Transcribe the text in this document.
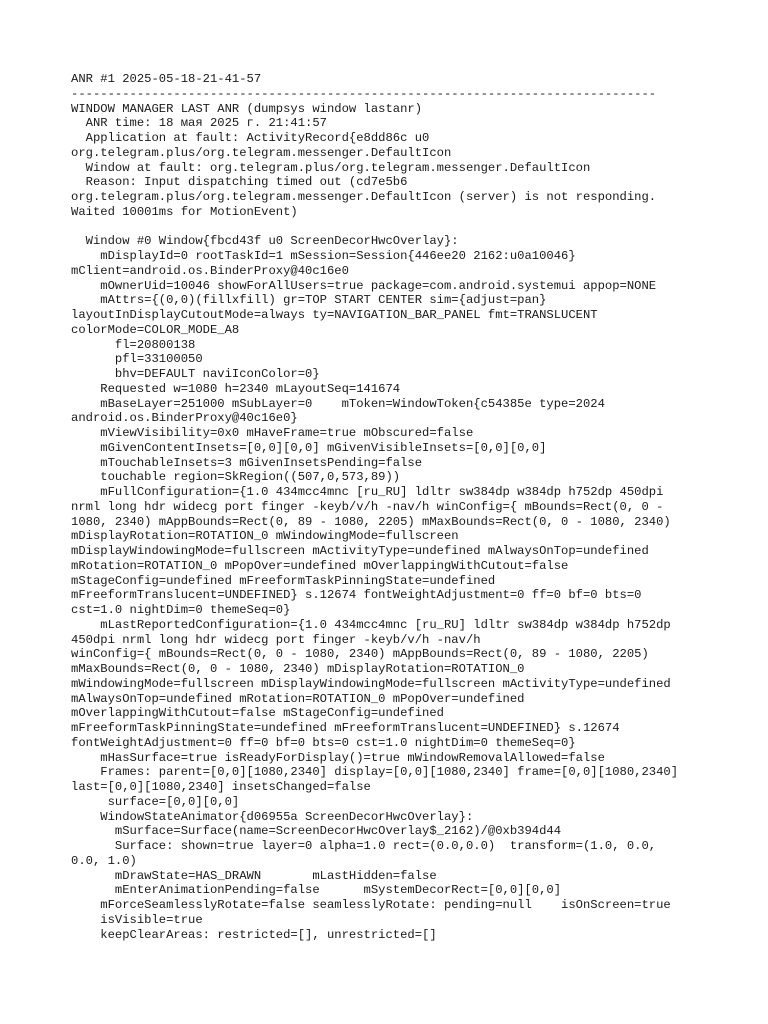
ANR #1 2025-05-18-21-41-57
--------------------------------------------------------------------------------
WINDOW MANAGER LAST ANR (dumpsys window lastanr)
ANR time: 18 мая 2025 г. 21:41:57
Application at fault: ActivityRecord{e8dd86c u0
org.telegram.plus/org.telegram.messenger.DefaultIcon
Window at fault: org.telegram.plus/org.telegram.messenger.DefaultIcon
Reason: Input dispatching timed out (cd7e5b6
org.telegram.plus/org.telegram.messenger.DefaultIcon (server) is not responding.
Waited 10001ms for MotionEvent)
Window #0 Window{fbcd43f u0 ScreenDecorHwcOverlay}:
mDisplayId=0 rootTaskId=1 mSession=Session{446ee20 2162:u0a10046}
mClient=android.os.BinderProxy@40c16e0
mOwnerUid=10046 showForAllUsers=true package=com.android.systemui appop=NONE
mAttrs={(0,0)(fillxfill) gr=TOP START CENTER sim={adjust=pan}
layoutInDisplayCutoutMode=always ty=NAVIGATION_BAR_PANEL fmt=TRANSLUCENT
colorMode=COLOR_MODE_A8
fl=20800138
pfl=33100050
bhv=DEFAULT naviIconColor=0}
Requested w=1080 h=2340 mLayoutSeq=141674
mBaseLayer=251000 mSubLayer=0    mToken=WindowToken{c54385e type=2024
android.os.BinderProxy@40c16e0}
mViewVisibility=0x0 mHaveFrame=true mObscured=false
mGivenContentInsets=[0,0][0,0] mGivenVisibleInsets=[0,0][0,0]
mTouchableInsets=3 mGivenInsetsPending=false
touchable region=SkRegion((507,0,573,89))
mFullConfiguration={1.0 434mcc4mnc [ru_RU] ldltr sw384dp w384dp h752dp 450dpi
nrml long hdr widecg port finger -keyb/v/h -nav/h winConfig={ mBounds=Rect(0, 0 -
1080, 2340) mAppBounds=Rect(0, 89 - 1080, 2205) mMaxBounds=Rect(0, 0 - 1080, 2340)
mDisplayRotation=ROTATION_0 mWindowingMode=fullscreen
mDisplayWindowingMode=fullscreen mActivityType=undefined mAlwaysOnTop=undefined
mRotation=ROTATION_0 mPopOver=undefined mOverlappingWithCutout=false
mStageConfig=undefined mFreeformTaskPinningState=undefined
mFreeformTranslucent=UNDEFINED} s.12674 fontWeightAdjustment=0 ff=0 bf=0 bts=0
cst=1.0 nightDim=0 themeSeq=0}
mLastReportedConfiguration={1.0 434mcc4mnc [ru_RU] ldltr sw384dp w384dp h752dp
450dpi nrml long hdr widecg port finger -keyb/v/h -nav/h
winConfig={ mBounds=Rect(0, 0 - 1080, 2340) mAppBounds=Rect(0, 89 - 1080, 2205)
mMaxBounds=Rect(0, 0 - 1080, 2340) mDisplayRotation=ROTATION_0
mWindowingMode=fullscreen mDisplayWindowingMode=fullscreen mActivityType=undefined
mAlwaysOnTop=undefined mRotation=ROTATION_0 mPopOver=undefined
mOverlappingWithCutout=false mStageConfig=undefined
mFreeformTaskPinningState=undefined mFreeformTranslucent=UNDEFINED} s.12674
fontWeightAdjustment=0 ff=0 bf=0 bts=0 cst=1.0 nightDim=0 themeSeq=0}
mHasSurface=true isReadyForDisplay()=true mWindowRemovalAllowed=false
Frames: parent=[0,0][1080,2340] display=[0,0][1080,2340] frame=[0,0][1080,2340]
last=[0,0][1080,2340] insetsChanged=false
surface=[0,0][0,0]
WindowStateAnimator{d06955a ScreenDecorHwcOverlay}:
mSurface=Surface(name=ScreenDecorHwcOverlay$_2162)/@0xb394d44
Surface: shown=true layer=0 alpha=1.0 rect=(0.0,0.0)  transform=(1.0, 0.0,
0.0, 1.0)
mDrawState=HAS_DRAWN       mLastHidden=false
mEnterAnimationPending=false      mSystemDecorRect=[0,0][0,0]
mForceSeamlesslyRotate=false seamlesslyRotate: pending=null    isOnScreen=true
isVisible=true
keepClearAreas: restricted=[], unrestricted=[]
